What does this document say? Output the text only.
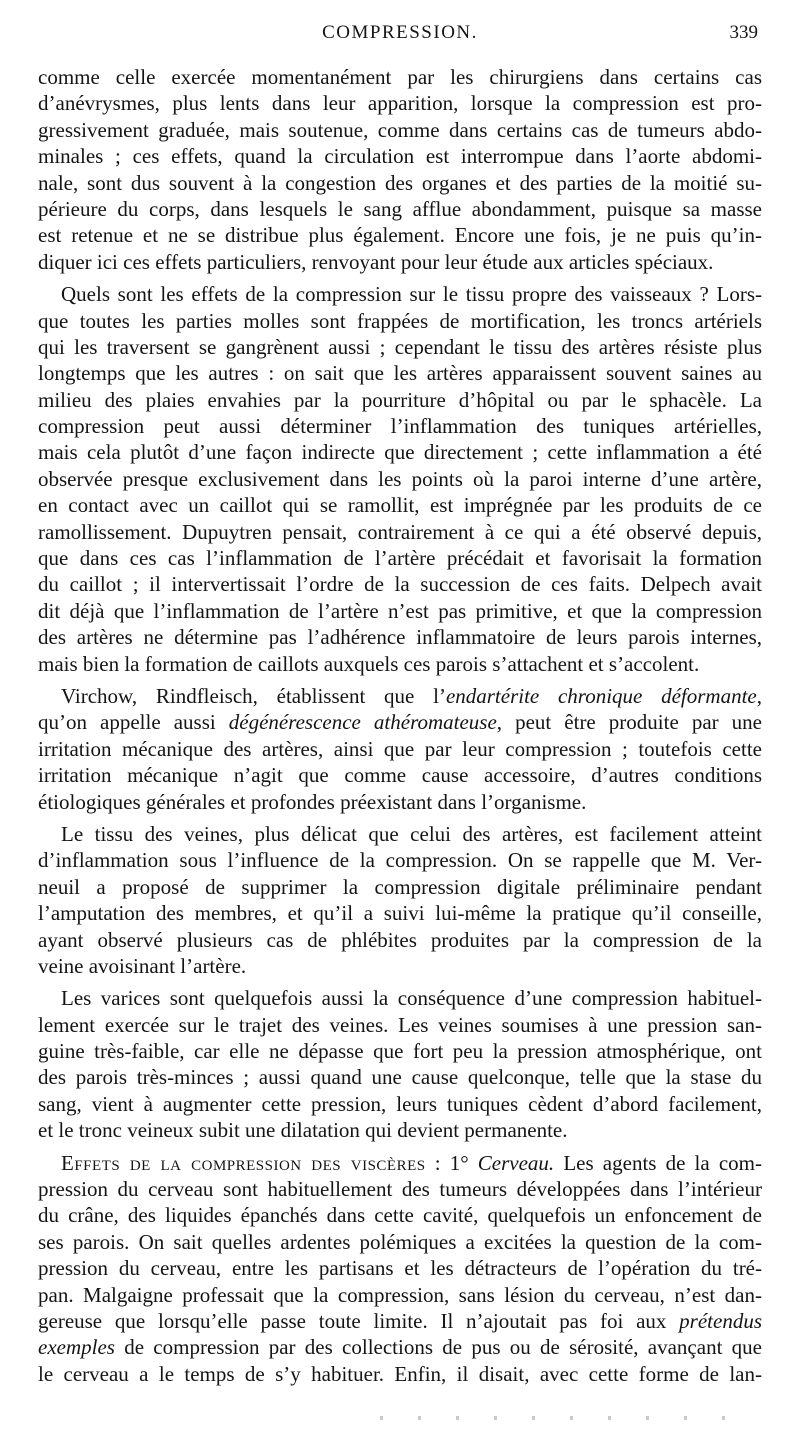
COMPRESSION.	339
comme celle exercée momentanément par les chirurgiens dans certains cas
d’anévrysmes, plus lents dans leur apparition, lorsque la compression est pro-
gressivement graduée, mais soutenue, comme dans certains cas de tumeurs abdo-
minales ; ces effets, quand la circulation est interrompue dans l’aorte abdomi-
nale, sont dus souvent à la congestion des organes et des parties de la moitié su-
périeure du corps, dans lesquels le sang afflue abondamment, puisque sa masse
est retenue et ne se distribue plus également. Encore une fois, je ne puis qu’in-
diquer ici ces effets particuliers, renvoyant pour leur étude aux articles spéciaux.
Quels sont les effets de la compression sur le tissu propre des vaisseaux ? Lors-
que toutes les parties molles sont frappées de mortification, les troncs artériels
qui les traversent se gangrènent aussi ; cependant le tissu des artères résiste plus
longtemps que les autres : on sait que les artères apparaissent souvent saines au
milieu des plaies envahies par la pourriture d’hôpital ou par le sphacèle. La
compression peut aussi déterminer l’inflammation des tuniques artérielles,
mais cela plutôt d’une façon indirecte que directement ; cette inflammation a été
observée presque exclusivement dans les points où la paroi interne d’une artère,
en contact avec un caillot qui se ramollit, est imprégnée par les produits de ce
ramollissement. Dupuytren pensait, contrairement à ce qui a été observé depuis,
que dans ces cas l’inflammation de l’artère précédait et favorisait la formation
du caillot ; il intervertissait l’ordre de la succession de ces faits. Delpech avait
dit déjà que l’inflammation de l’artère n’est pas primitive, et que la compression
des artères ne détermine pas l’adhérence inflammatoire de leurs parois internes,
mais bien la formation de caillots auxquels ces parois s’attachent et s’accolent.
Virchow, Rindfleisch, établissent que l’endartérite chronique déformante,
qu’on appelle aussi dégénérescence athéromateuse, peut être produite par une
irritation mécanique des artères, ainsi que par leur compression ; toutefois cette
irritation mécanique n’agit que comme cause accessoire, d’autres conditions
étiologiques générales et profondes préexistant dans l’organisme.
Le tissu des veines, plus délicat que celui des artères, est facilement atteint
d’inflammation sous l’influence de la compression. On se rappelle que M. Ver-
neuil a proposé de supprimer la compression digitale préliminaire pendant
l’amputation des membres, et qu’il a suivi lui-même la pratique qu’il conseille,
ayant observé plusieurs cas de phlébites produites par la compression de la
veine avoisinant l’artère.
Les varices sont quelquefois aussi la conséquence d’une compression habituel-
lement exercée sur le trajet des veines. Les veines soumises à une pression san-
guine très-faible, car elle ne dépasse que fort peu la pression atmosphérique, ont
des parois très-minces ; aussi quand une cause quelconque, telle que la stase du
sang, vient à augmenter cette pression, leurs tuniques cèdent d’abord facilement,
et le tronc veineux subit une dilatation qui devient permanente.
Effets de la compression des viscères : 1° Cerveau. Les agents de la com-
pression du cerveau sont habituellement des tumeurs développées dans l’intérieur
du crâne, des liquides épanchés dans cette cavité, quelquefois un enfoncement de
ses parois. On sait quelles ardentes polémiques a excitées la question de la com-
pression du cerveau, entre les partisans et les détracteurs de l’opération du tré-
pan. Malgaigne professait que la compression, sans lésion du cerveau, n’est dan-
gereuse que lorsqu’elle passe toute limite. Il n’ajoutait pas foi aux prétendus
exemples de compression par des collections de pus ou de sérosité, avançant que
le cerveau a le temps de s’y habituer. Enfin, il disait, avec cette forme de lan-
